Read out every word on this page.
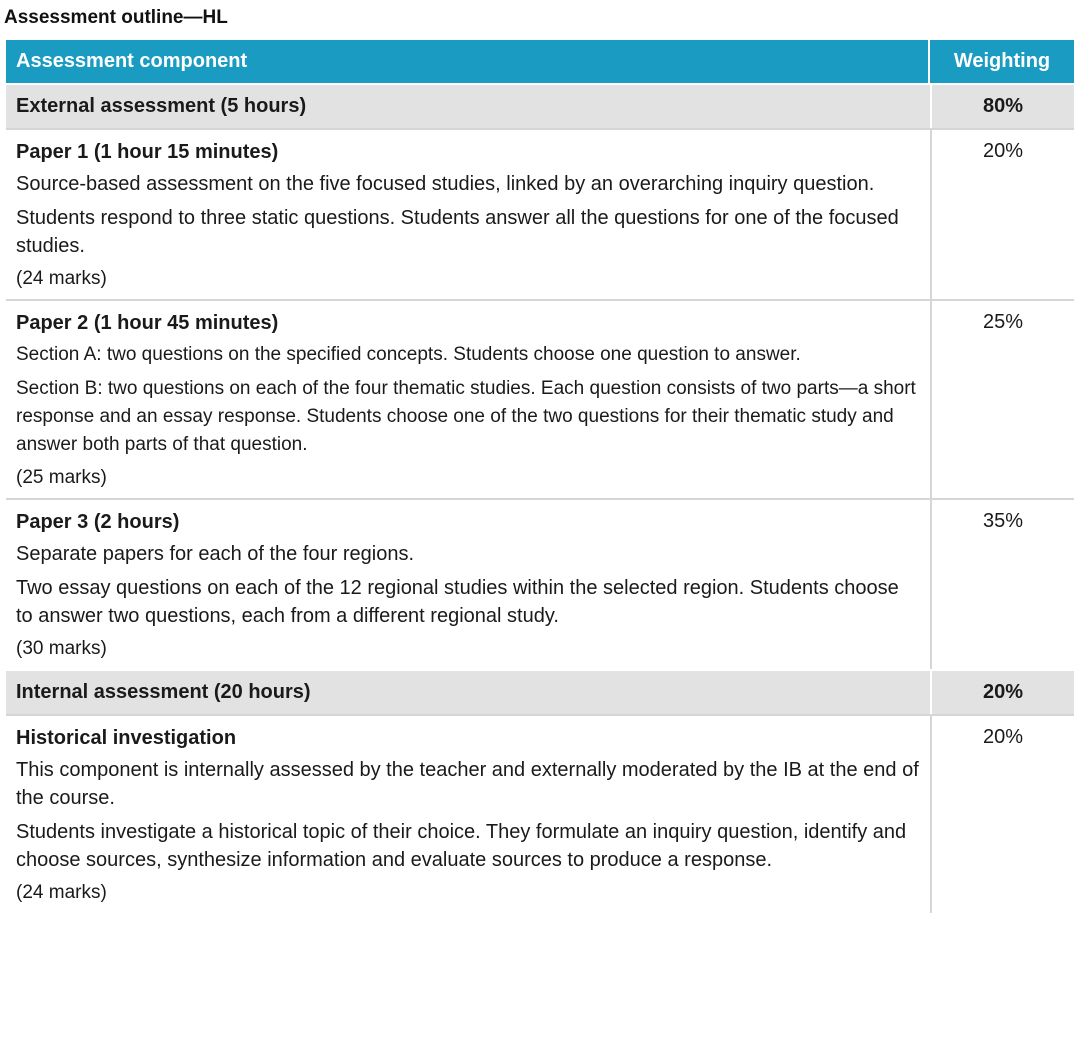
Assessment outline—HL
Assessment component	Weighting
External assessment (5 hours)	80%

Paper 1 (1 hour 15 minutes)
Source-based assessment on the five focused studies, linked by an overarching inquiry question.
Students respond to three static questions. Students answer all the questions for one of the focused studies.
(24 marks)	20%

Paper 2 (1 hour 45 minutes)
Section A: two questions on the specified concepts. Students choose one question to answer.
Section B: two questions on each of the four thematic studies. Each question consists of two parts—a short response and an essay response. Students choose one of the two questions for their thematic study and answer both parts of that question.
(25 marks)	25%

Paper 3 (2 hours)
Separate papers for each of the four regions.
Two essay questions on each of the 12 regional studies within the selected region. Students choose to answer two questions, each from a different regional study.
(30 marks)	35%
Internal assessment (20 hours)	20%

Historical investigation
This component is internally assessed by the teacher and externally moderated by the IB at the end of the course.
Students investigate a historical topic of their choice. They formulate an inquiry question, identify and choose sources, synthesize information and evaluate sources to produce a response.
(24 marks)	20%
